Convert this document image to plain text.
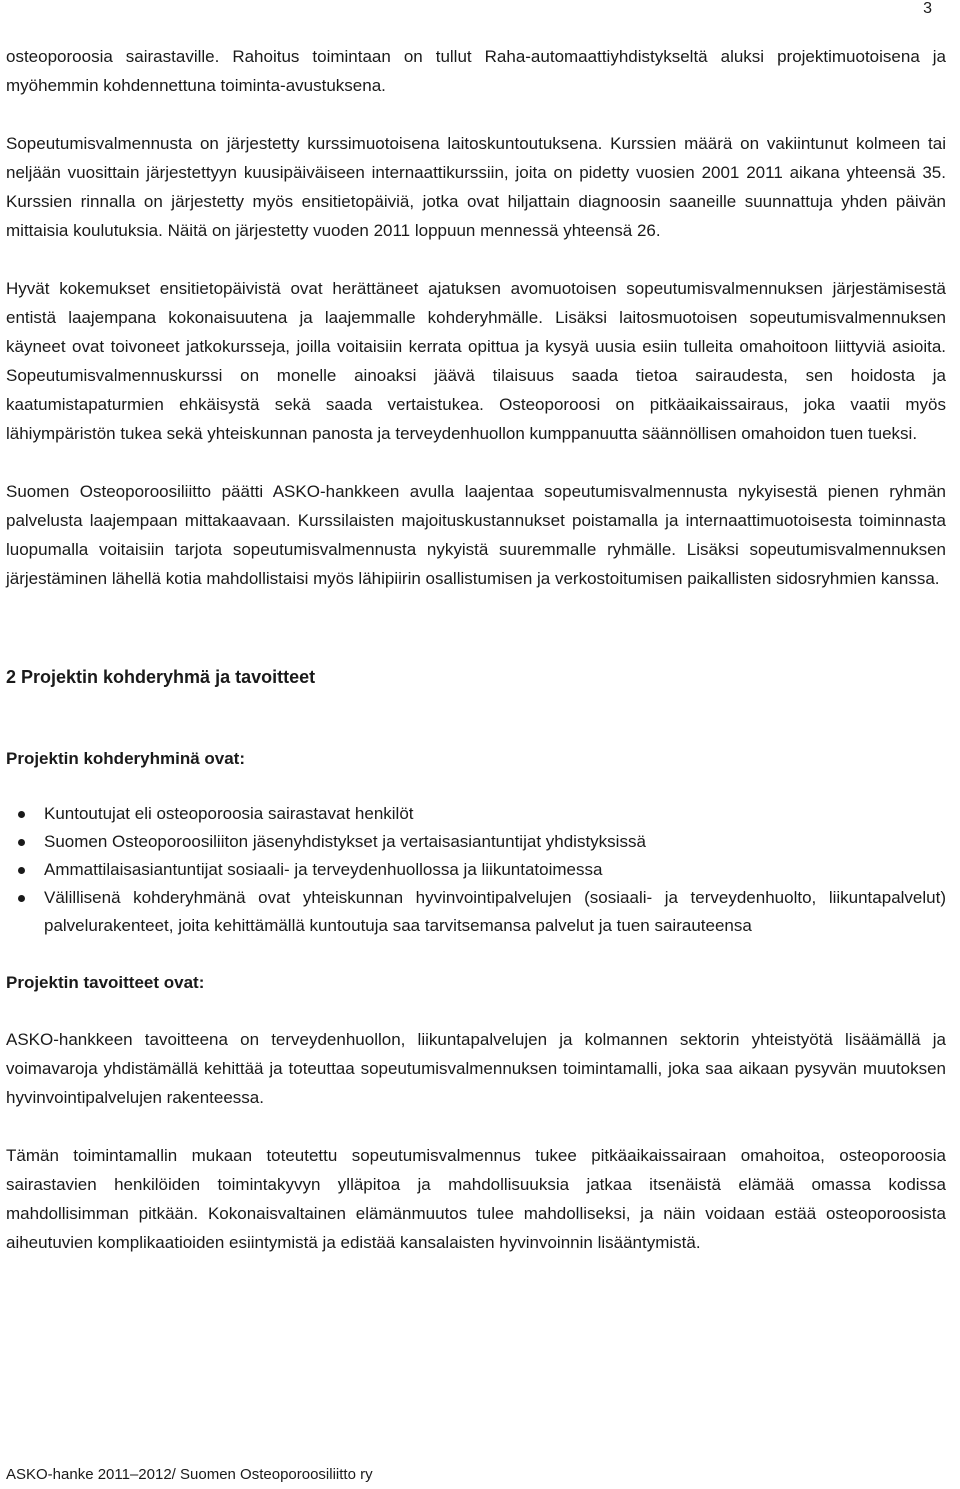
3

osteoporoosia sairastaville. Rahoitus toimintaan on tullut Raha-automaattiyhdistykseltä aluksi projektimuotoisena ja myöhemmin kohdennettuna toiminta-avustuksena.

Sopeutumisvalmennusta on järjestetty kurssimuotoisena laitoskuntoutuksena. Kurssien määrä on vakiintunut kolmeen tai neljään vuosittain järjestettyyn kuusipäiväiseen internaattikurssiin, joita on pidetty vuosien 2001 2011 aikana yhteensä 35. Kurssien rinnalla on järjestetty myös ensitietopäiviä, jotka ovat hiljattain diagnoosin saaneille suunnattuja yhden päivän mittaisia koulutuksia. Näitä on järjestetty vuoden 2011 loppuun mennessä yhteensä 26.

Hyvät kokemukset ensitietopäivistä ovat herättäneet ajatuksen avomuotoisen sopeutumisvalmennuksen järjestämisestä entistä laajempana kokonaisuutena ja laajemmalle kohderyhmälle. Lisäksi laitosmuotoisen sopeutumisvalmennuksen käyneet ovat toivoneet jatkokursseja, joilla voitaisiin kerrata opittua ja kysyä uusia esiin tulleita omahoitoon liittyviä asioita. Sopeutumisvalmennuskurssi on monelle ainoaksi jäävä tilaisuus saada tietoa sairaudesta, sen hoidosta ja kaatumistapaturmien ehkäisystä sekä saada vertaistukea. Osteoporoosi on pitkäaikaissairaus, joka vaatii myös lähiympäristön tukea sekä yhteiskunnan panosta ja terveydenhuollon kumppanuutta säännöllisen omahoidon tuen tueksi.

Suomen Osteoporoosiliitto päätti ASKO-hankkeen avulla laajentaa sopeutumisvalmennusta nykyisestä pienen ryhmän palvelusta laajempaan mittakaavaan. Kurssilaisten majoituskustannukset poistamalla ja internaattimuotoisesta toiminnasta luopumalla voitaisiin tarjota sopeutumisvalmennusta nykyistä suuremmalle ryhmälle. Lisäksi sopeutumisvalmennuksen järjestäminen lähellä kotia mahdollistaisi myös lähipiirin osallistumisen ja verkostoitumisen paikallisten sidosryhmien kanssa.

2 Projektin kohderyhmä ja tavoitteet
Projektin kohderyhminä ovat:
Kuntoutujat eli osteoporoosia sairastavat henkilöt
Suomen Osteoporoosiliiton jäsenyhdistykset ja vertaisasiantuntijat yhdistyksissä
Ammattilaisasiantuntijat sosiaali- ja terveydenhuollossa ja liikuntatoimessa
Välillisenä kohderyhmänä ovat yhteiskunnan hyvinvointipalvelujen (sosiaali- ja terveydenhuolto, liikuntapalvelut) palvelurakenteet, joita kehittämällä kuntoutuja saa tarvitsemansa palvelut ja tuen sairauteensa
Projektin tavoitteet ovat:

ASKO-hankkeen tavoitteena on terveydenhuollon, liikuntapalvelujen ja kolmannen sektorin yhteistyötä lisäämällä ja voimavaroja yhdistämällä kehittää ja toteuttaa sopeutumisvalmennuksen toimintamalli, joka saa aikaan pysyvän muutoksen hyvinvointipalvelujen rakenteessa.

Tämän toimintamallin mukaan toteutettu sopeutumisvalmennus tukee pitkäaikaissairaan omahoitoa, osteoporoosia sairastavien henkilöiden toimintakyvyn ylläpitoa ja mahdollisuuksia jatkaa itsenäistä elämää omassa kodissa mahdollisimman pitkään. Kokonaisvaltainen elämänmuutos tulee mahdolliseksi, ja näin voidaan estää osteoporoosista aiheutuvien komplikaatioiden esiintymistä ja edistää kansalaisten hyvinvoinnin lisääntymistä.

ASKO-hanke 2011–2012/ Suomen Osteoporoosiliitto ry
